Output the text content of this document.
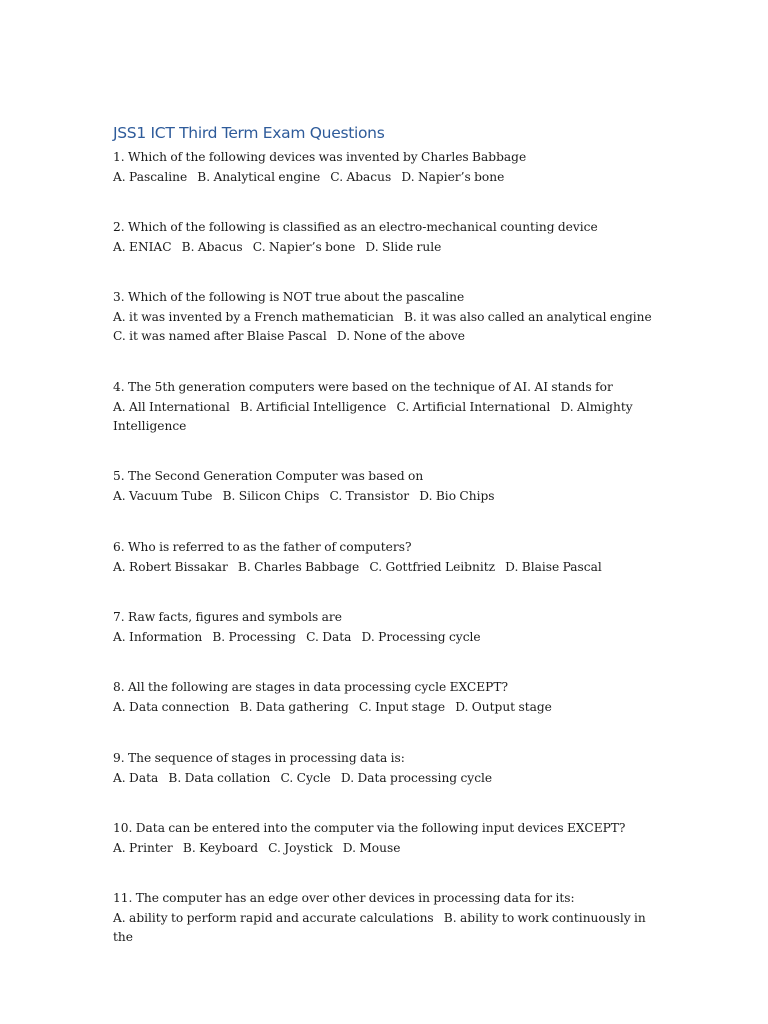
JSS1 ICT Third Term Exam Questions
1. Which of the following devices was invented by Charles Babbage
A. Pascaline   B. Analytical engine   C. Abacus   D. Napier’s bone
2. Which of the following is classified as an electro-mechanical counting device
A. ENIAC   B. Abacus   C. Napier’s bone   D. Slide rule
3. Which of the following is NOT true about the pascaline
A. it was invented by a French mathematician   B. it was also called an analytical engine   C. it was named after Blaise Pascal   D. None of the above
4. The 5th generation computers were based on the technique of AI. AI stands for
A. All International   B. Artificial Intelligence   C. Artificial International   D. Almighty Intelligence
5. The Second Generation Computer was based on
A. Vacuum Tube   B. Silicon Chips   C. Transistor   D. Bio Chips
6. Who is referred to as the father of computers?
A. Robert Bissakar   B. Charles Babbage   C. Gottfried Leibnitz   D. Blaise Pascal
7. Raw facts, figures and symbols are
A. Information   B. Processing   C. Data   D. Processing cycle
8. All the following are stages in data processing cycle EXCEPT?
A. Data connection   B. Data gathering   C. Input stage   D. Output stage
9. The sequence of stages in processing data is:
A. Data   B. Data collation   C. Cycle   D. Data processing cycle
10. Data can be entered into the computer via the following input devices EXCEPT?
A. Printer   B. Keyboard   C. Joystick   D. Mouse
11. The computer has an edge over other devices in processing data for its:
A. ability to perform rapid and accurate calculations   B. ability to work continuously in the
